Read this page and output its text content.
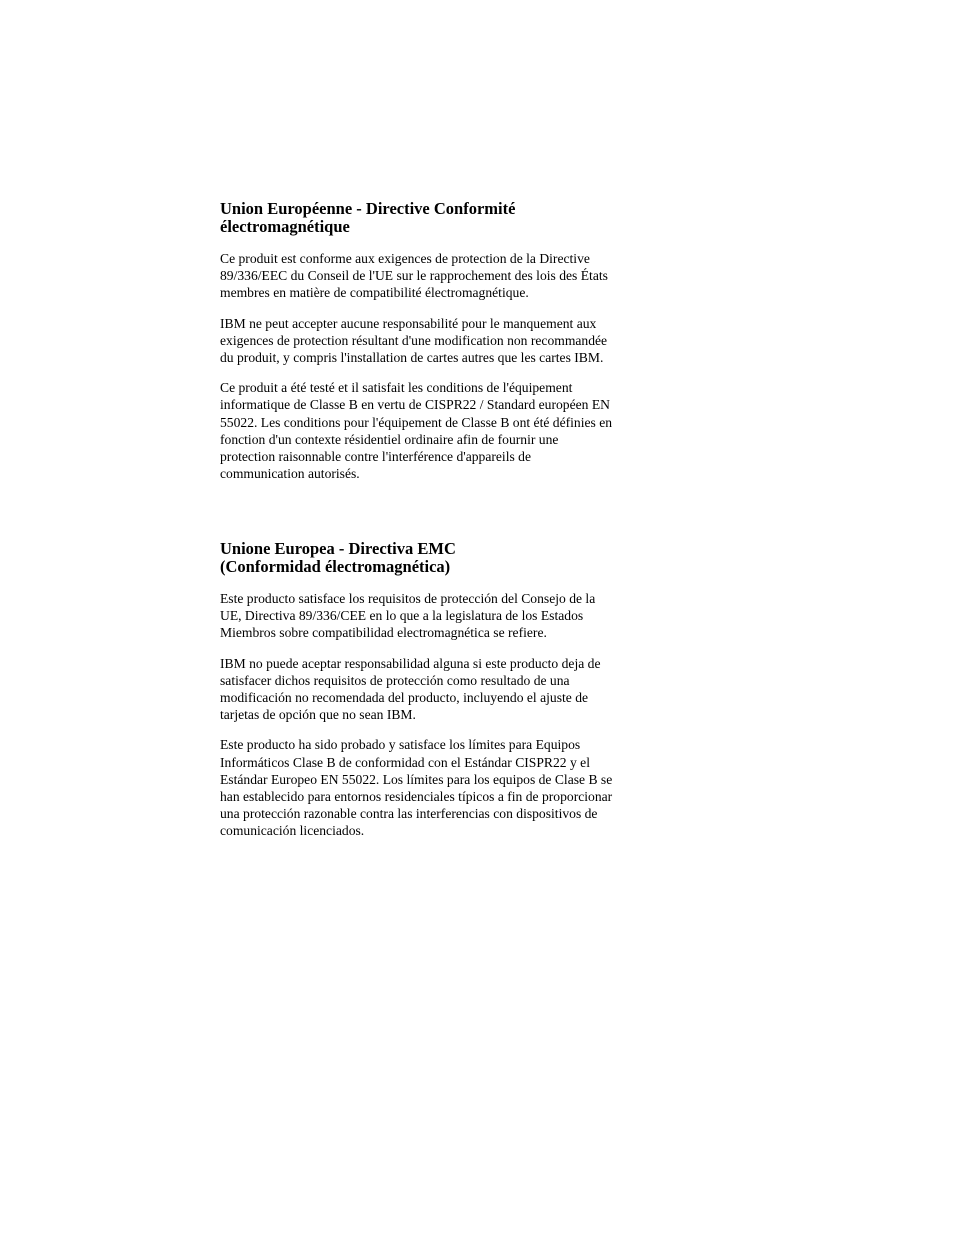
Union Européenne - Directive Conformité
électromagnétique

Ce produit est conforme aux exigences de protection de la Directive
89/336/EEC du Conseil de l'UE sur le rapprochement des lois des États
membres en matière de compatibilité électromagnétique.

IBM ne peut accepter aucune responsabilité pour le manquement aux
exigences de protection résultant d'une modification non recommandée
du produit, y compris l'installation de cartes autres que les cartes IBM.

Ce produit a été testé et il satisfait les conditions de l'équipement
informatique de Classe B en vertu de CISPR22 / Standard européen EN
55022. Les conditions pour l'équipement de Classe B ont été définies en
fonction d'un contexte résidentiel ordinaire afin de fournir une
protection raisonnable contre l'interférence d'appareils de
communication autorisés.

Unione Europea - Directiva EMC
(Conformidad électromagnética)

Este producto satisface los requisitos de protección del Consejo de la
UE, Directiva 89/336/CEE en lo que a la legislatura de los Estados
Miembros sobre compatibilidad electromagnética se refiere.

IBM no puede aceptar responsabilidad alguna si este producto deja de
satisfacer dichos requisitos de protección como resultado de una
modificación no recomendada del producto, incluyendo el ajuste de
tarjetas de opción que no sean IBM.

Este producto ha sido probado y satisface los límites para Equipos
Informáticos Clase B de conformidad con el Estándar CISPR22 y el
Estándar Europeo EN 55022. Los límites para los equipos de Clase B se
han establecido para entornos residenciales típicos a fin de proporcionar
una protección razonable contra las interferencias con dispositivos de
comunicación licenciados.
